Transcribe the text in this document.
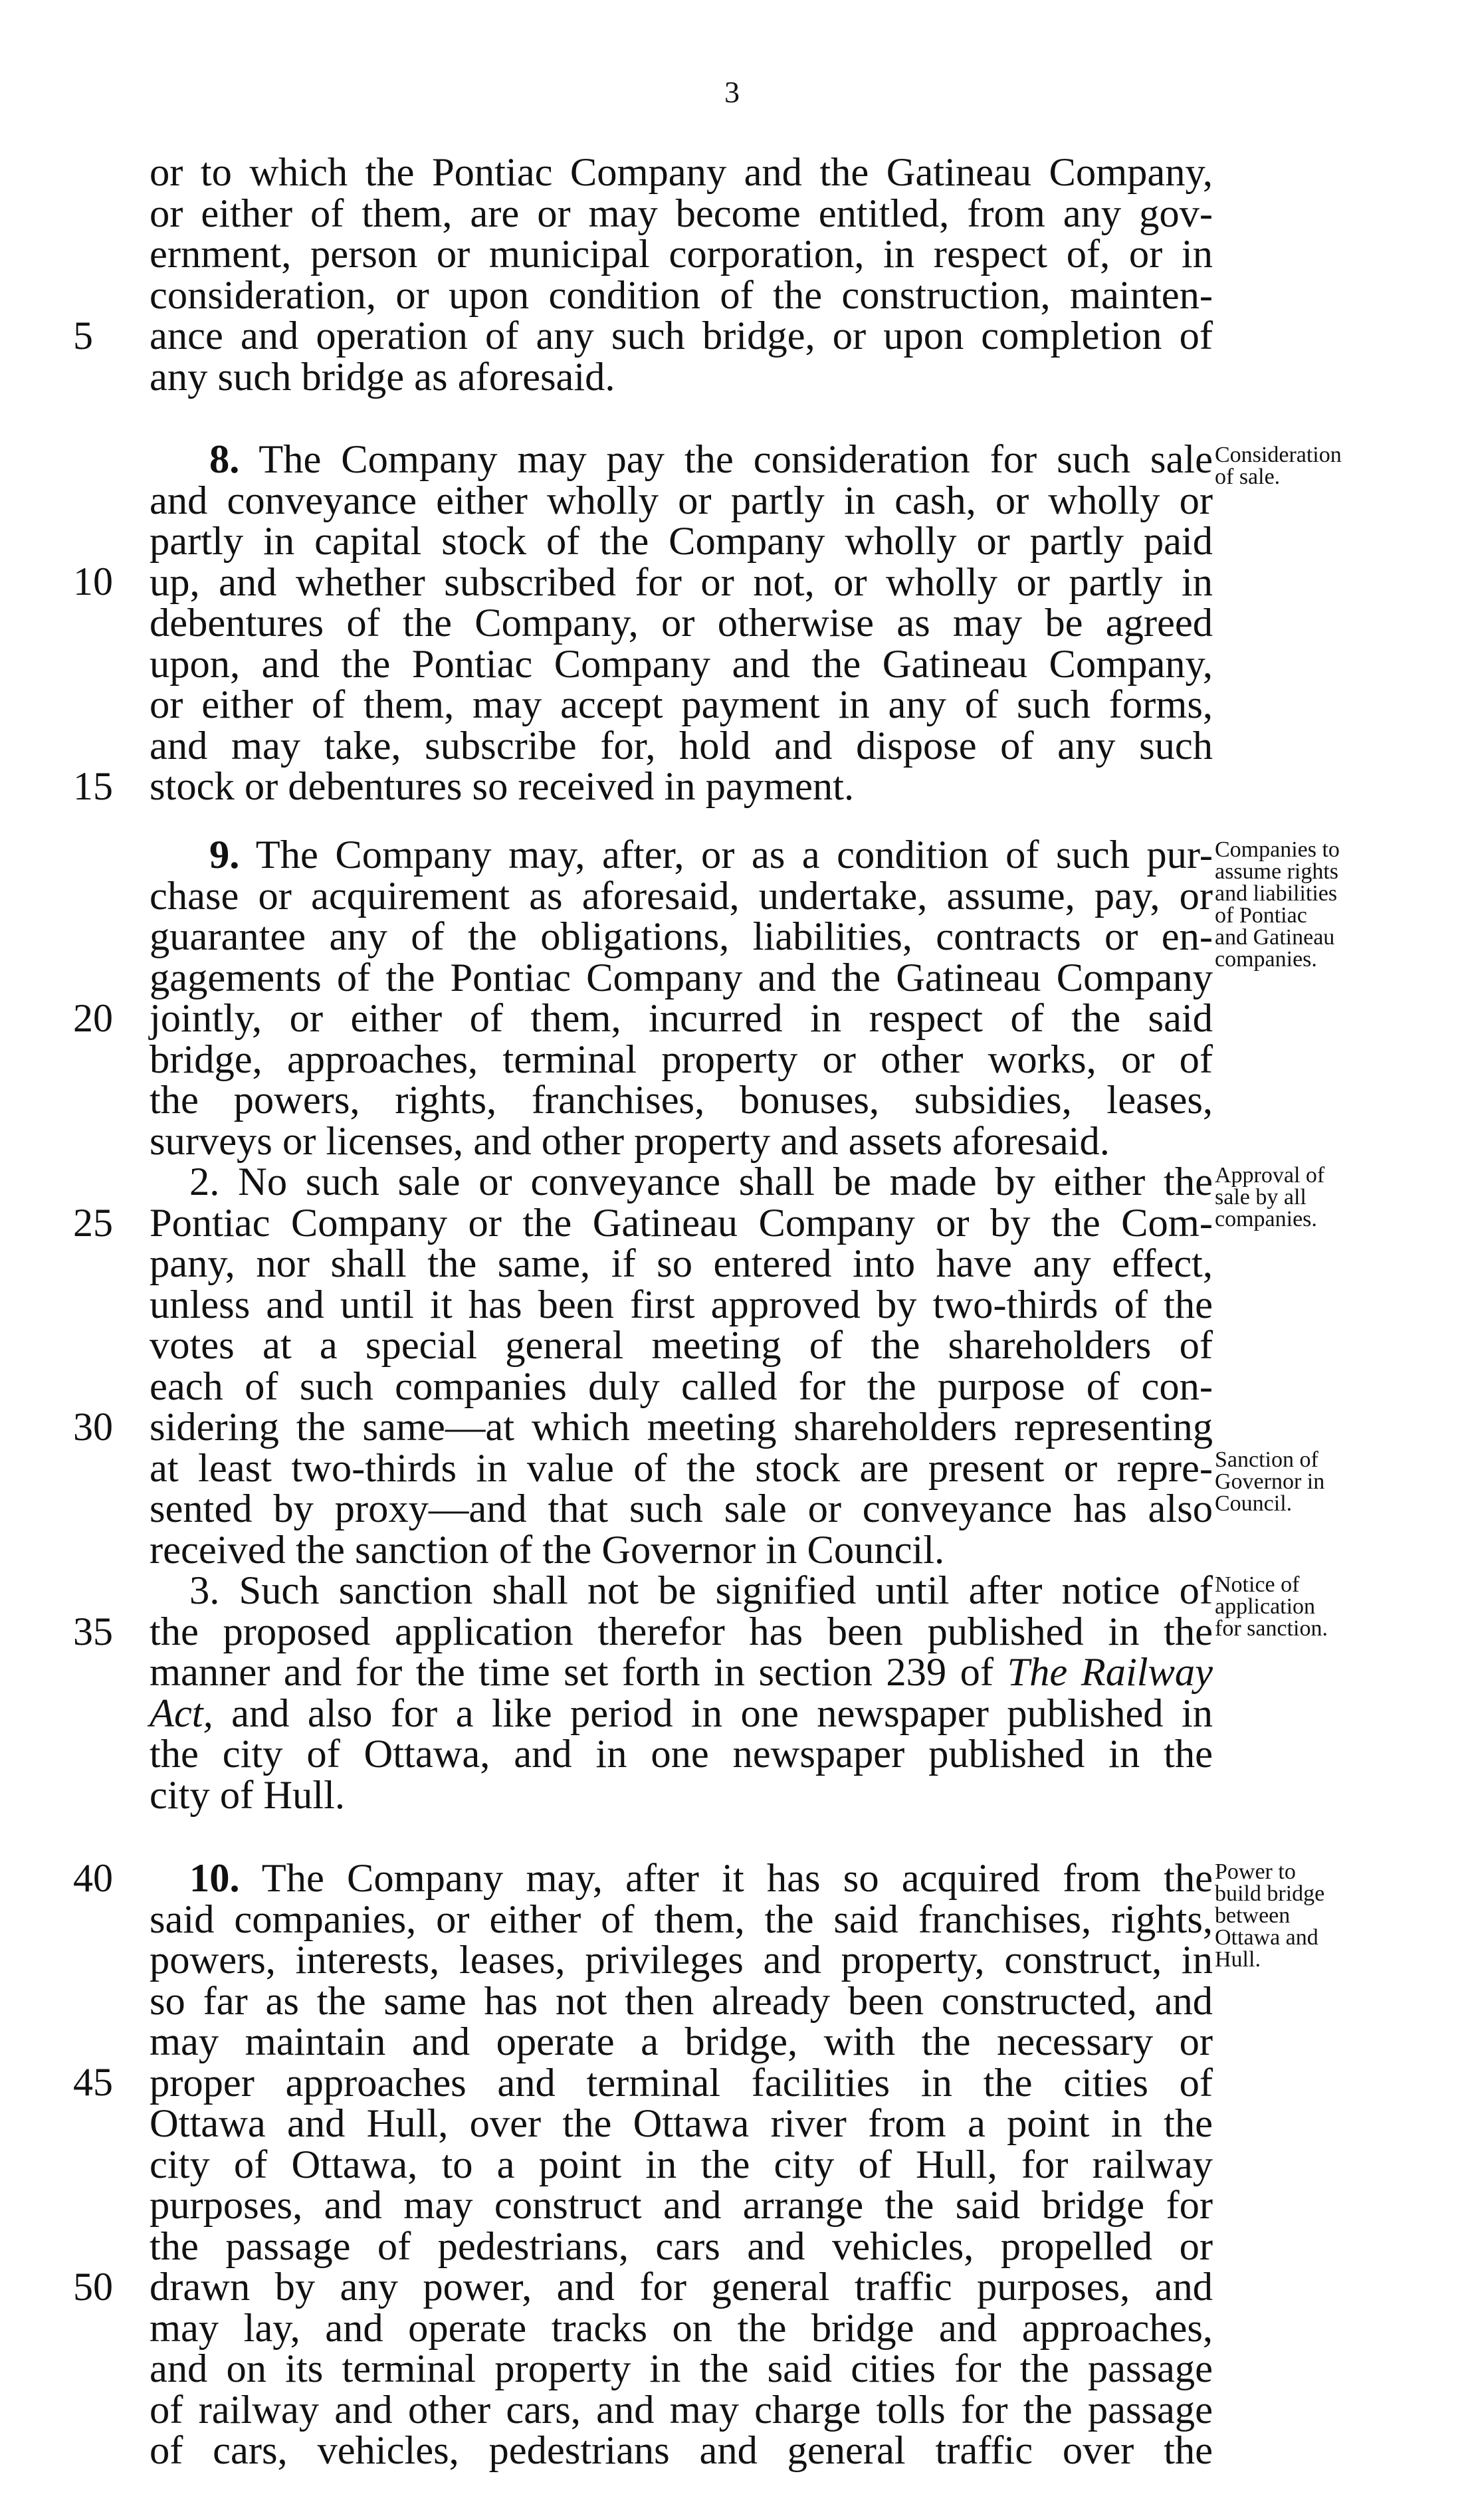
3
or to which the Pontiac Company and the Gatineau Company,
or either of them, are or may become entitled, from any gov-
ernment, person or municipal corporation, in respect of, or in
consideration, or upon condition of the construction, mainten-
ance and operation of any such bridge, or upon completion of
any such bridge as aforesaid.
8. The Company may pay the consideration for such sale
and conveyance either wholly or partly in cash, or wholly or
partly in capital stock of the Company wholly or partly paid
up, and whether subscribed for or not, or wholly or partly in
debentures of the Company, or otherwise as may be agreed
upon, and the Pontiac Company and the Gatineau Company,
or either of them, may accept payment in any of such forms,
and may take, subscribe for, hold and dispose of any such
stock or debentures so received in payment.
9. The Company may, after, or as a condition of such pur-
chase or acquirement as aforesaid, undertake, assume, pay, or
guarantee any of the obligations, liabilities, contracts or en-
gagements of the Pontiac Company and the Gatineau Company
jointly, or either of them, incurred in respect of the said
bridge, approaches, terminal property or other works, or of
the powers, rights, franchises, bonuses, subsidies, leases,
surveys or licenses, and other property and assets aforesaid.
2. No such sale or conveyance shall be made by either the
Pontiac Company or the Gatineau Company or by the Com-
pany, nor shall the same, if so entered into have any effect,
unless and until it has been first approved by two-thirds of the
votes at a special general meeting of the shareholders of
each of such companies duly called for the purpose of con-
sidering the same—at which meeting shareholders representing
at least two-thirds in value of the stock are present or repre-
sented by proxy—and that such sale or conveyance has also
received the sanction of the Governor in Council.
3. Such sanction shall not be signified until after notice of
the proposed application therefor has been published in the
manner and for the time set forth in section 239 of The Railway
Act, and also for a like period in one newspaper published in
the city of Ottawa, and in one newspaper published in the
city of Hull.
10. The Company may, after it has so acquired from the
said companies, or either of them, the said franchises, rights,
powers, interests, leases, privileges and property, construct, in
so far as the same has not then already been constructed, and
may maintain and operate a bridge, with the necessary or
proper approaches and terminal facilities in the cities of
Ottawa and Hull, over the Ottawa river from a point in the
city of Ottawa, to a point in the city of Hull, for railway
purposes, and may construct and arrange the said bridge for
the passage of pedestrians, cars and vehicles, propelled or
drawn by any power, and for general traffic purposes, and
may lay, and operate tracks on the bridge and approaches,
and on its terminal property in the said cities for the passage
of railway and other cars, and may charge tolls for the passage
of cars, vehicles, pedestrians and general traffic over the
5
10
15
20
25
30
35
40
45
50
Consideration
of sale.
Companies to
assume rights
and liabilities
of Pontiac
and Gatineau
companies.
Approval of
sale by all
companies.
Sanction of
Governor in
Council.
Notice of
application
for sanction.
Power to
build bridge
between
Ottawa and
Hull.
